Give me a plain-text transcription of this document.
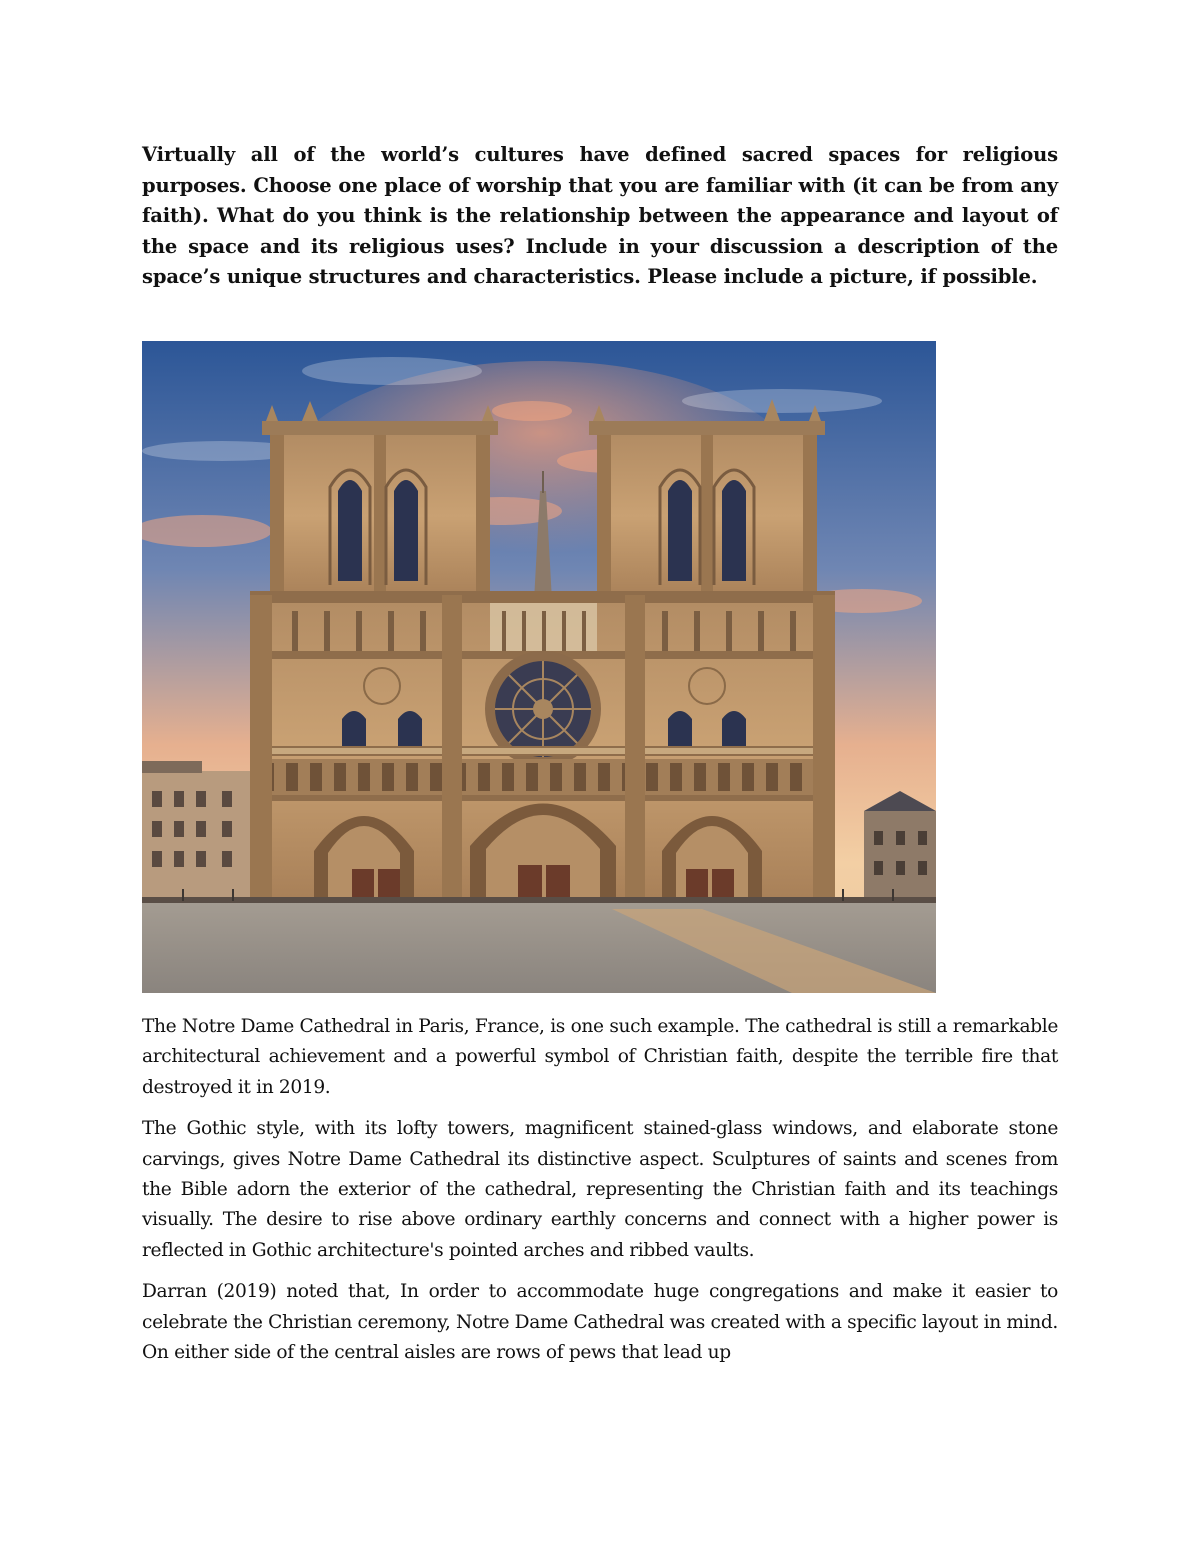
Virtually all of the world’s cultures have defined sacred spaces for religious purposes. Choose one place of worship that you are familiar with (it can be from any faith). What do you think is the relationship between the appearance and layout of the space and its religious uses? Include in your discussion a description of the space’s unique structures and characteristics. Please include a picture, if possible.

The Notre Dame Cathedral in Paris, France, is one such example. The cathedral is still a remarkable architectural achievement and a powerful symbol of Christian faith, despite the terrible fire that destroyed it in 2019.

The Gothic style, with its lofty towers, magnificent stained-glass windows, and elaborate stone carvings, gives Notre Dame Cathedral its distinctive aspect. Sculptures of saints and scenes from the Bible adorn the exterior of the cathedral, representing the Christian faith and its teachings visually. The desire to rise above ordinary earthly concerns and connect with a higher power is reflected in Gothic architecture's pointed arches and ribbed vaults.

Darran (2019) noted that, In order to accommodate huge congregations and make it easier to celebrate the Christian ceremony, Notre Dame Cathedral was created with a specific layout in mind. On either side of the central aisles are rows of pews that lead up
